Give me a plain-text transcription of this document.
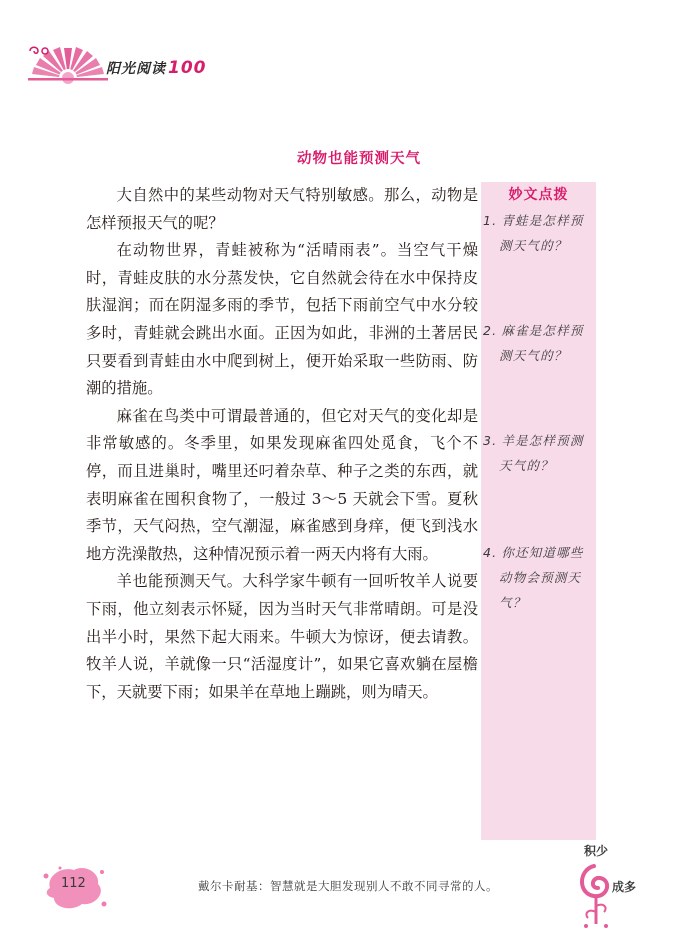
阳光阅读 100
动物也能预测天气

大自然中的某些动物对天气特别敏感。那么，动物是怎样预报天气的呢？

在动物世界，青蛙被称为“活晴雨表”。当空气干燥时，青蛙皮肤的水分蒸发快，它自然就会待在水中保持皮肤湿润；而在阴湿多雨的季节，包括下雨前空气中水分较多时，青蛙就会跳出水面。正因为如此，非洲的土著居民只要看到青蛙由水中爬到树上，便开始采取一些防雨、防潮的措施。

麻雀在鸟类中可谓最普通的，但它对天气的变化却是非常敏感的。冬季里，如果发现麻雀四处觅食，飞个不停，而且进巢时，嘴里还叼着杂草、种子之类的东西，就表明麻雀在囤积食物了，一般过 3～5 天就会下雪。夏秋季节，天气闷热，空气潮湿，麻雀感到身痒，便飞到浅水地方洗澡散热，这种情况预示着一两天内将有大雨。

羊也能预测天气。大科学家牛顿有一回听牧羊人说要下雨，他立刻表示怀疑，因为当时天气非常晴朗。可是没出半小时，果然下起大雨来。牛顿大为惊讶，便去请教。牧羊人说，羊就像一只“活湿度计”，如果它喜欢躺在屋檐下，天就要下雨；如果羊在草地上蹦跳，则为晴天。

妙文点拨
1. 青蛙是怎样预
测天气的？
2. 麻雀是怎样预
测天气的？
3. 羊是怎样预测
天气的？
4. 你还知道哪些
动物会预测天
气？
112	戴尔卡耐基：智慧就是大胆发现别人不敢不同寻常的人。
积少
成多
